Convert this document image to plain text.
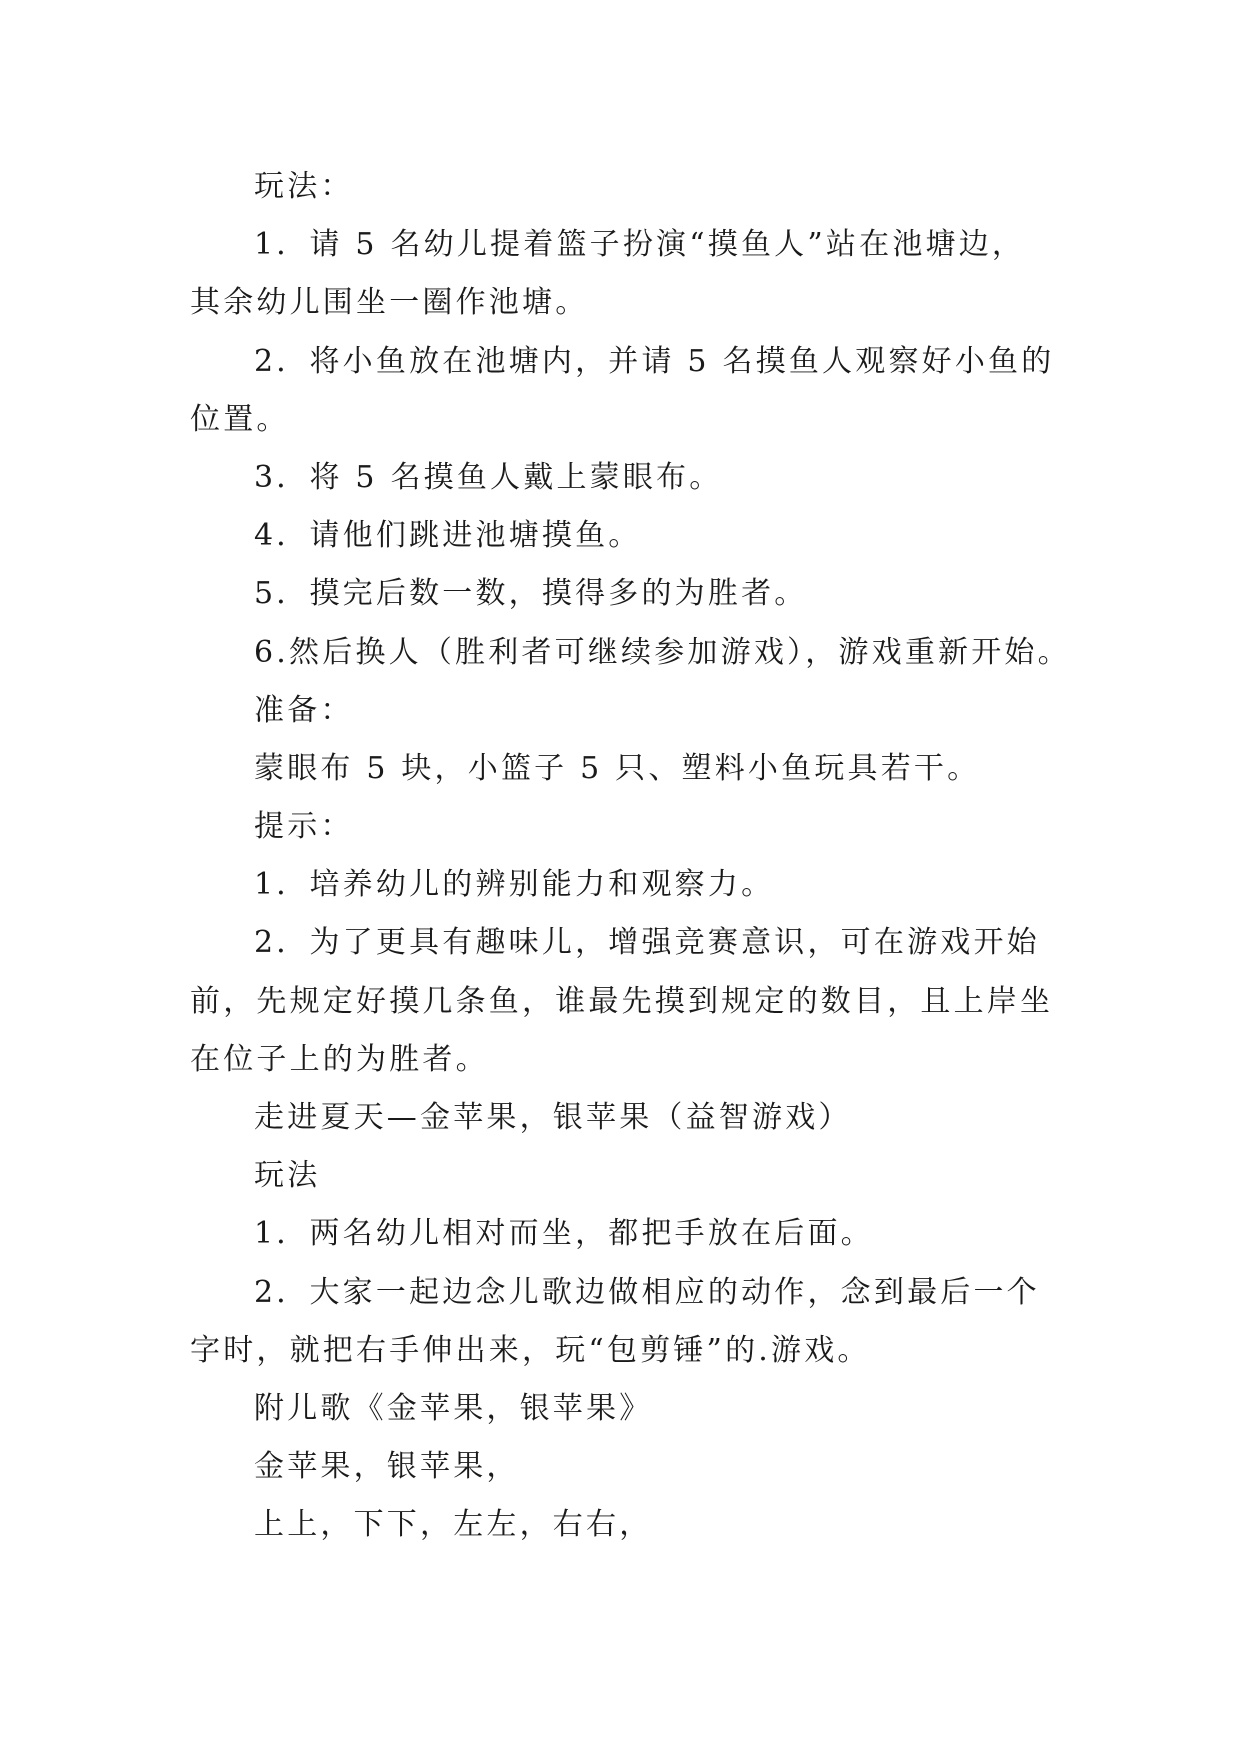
玩法：
1．请 5 名幼儿提着篮子扮演“摸鱼人”站在池塘边，
其余幼儿围坐一圈作池塘。
2．将小鱼放在池塘内，并请 5 名摸鱼人观察好小鱼的
位置。
3．将 5 名摸鱼人戴上蒙眼布。
4．请他们跳进池塘摸鱼。
5．摸完后数一数，摸得多的为胜者。
6.然后换人（胜利者可继续参加游戏），游戏重新开始。
准备：
蒙眼布 5 块，小篮子 5 只、塑料小鱼玩具若干。
提示：
1．培养幼儿的辨别能力和观察力。
2．为了更具有趣味儿，增强竞赛意识，可在游戏开始
前，先规定好摸几条鱼，谁最先摸到规定的数目，且上岸坐
在位子上的为胜者。
走进夏天—金苹果，银苹果（益智游戏）
玩法
1．两名幼儿相对而坐，都把手放在后面。
2．大家一起边念儿歌边做相应的动作，念到最后一个
字时，就把右手伸出来，玩“包剪锤”的.游戏。
附儿歌《金苹果，银苹果》
金苹果，银苹果，
上上，下下，左左，右右，
